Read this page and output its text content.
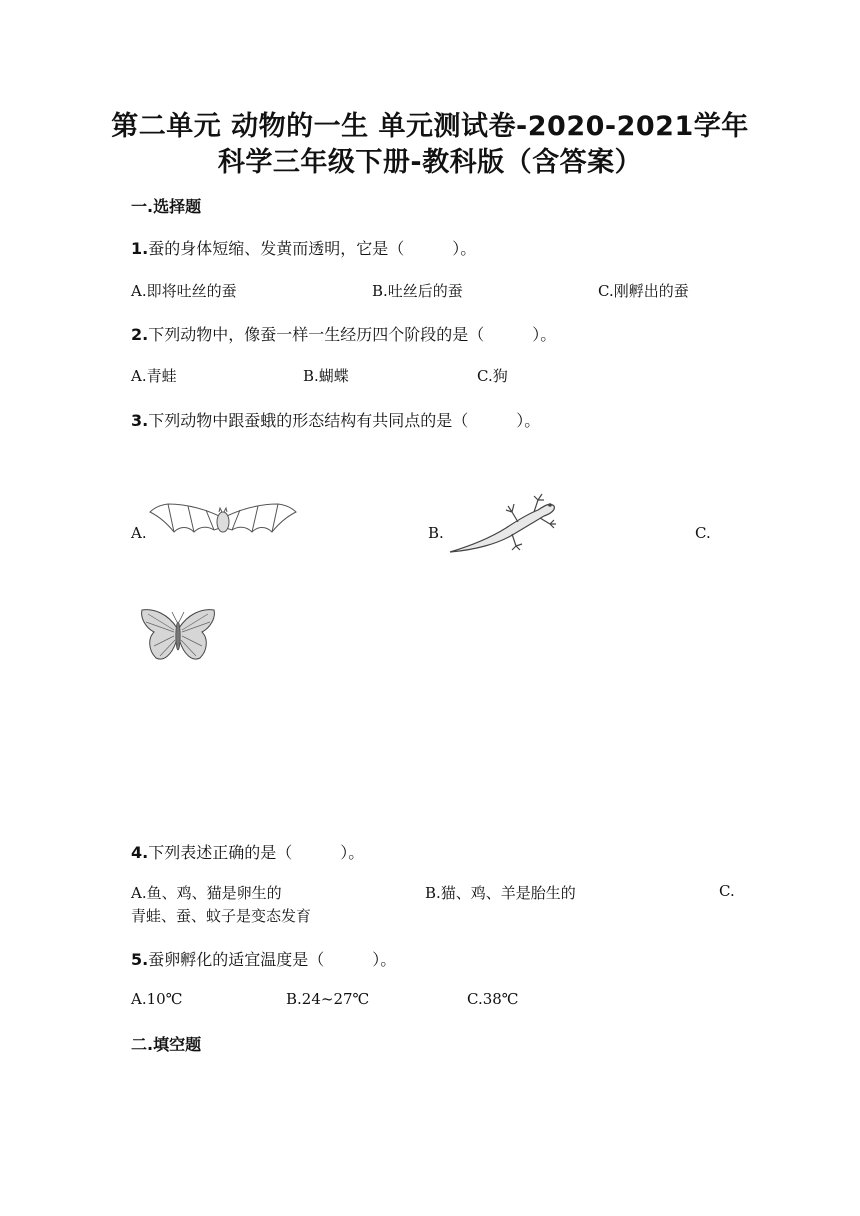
第二单元 动物的一生 单元测试卷-2020-2021学年
科学三年级下册-教科版（含答案）
一.选择题
1.蚕的身体短缩、发黄而透明，它是（　　　）。
A.即将吐丝的蚕	B.吐丝后的蚕	C.刚孵出的蚕
2.下列动物中，像蚕一样一生经历四个阶段的是（　　　）。
A.青蛙	B.蝴蝶	C.狗
3.下列动物中跟蚕蛾的形态结构有共同点的是（　　　）。
A.	B.	C.
4.下列表述正确的是（　　　）。
A.鱼、鸡、猫是卵生的	B.猫、鸡、羊是胎生的	C.
青蛙、蚕、蚊子是变态发育
5.蚕卵孵化的适宜温度是（　　　）。
A.10℃	B.24~27℃	C.38℃
二.填空题
